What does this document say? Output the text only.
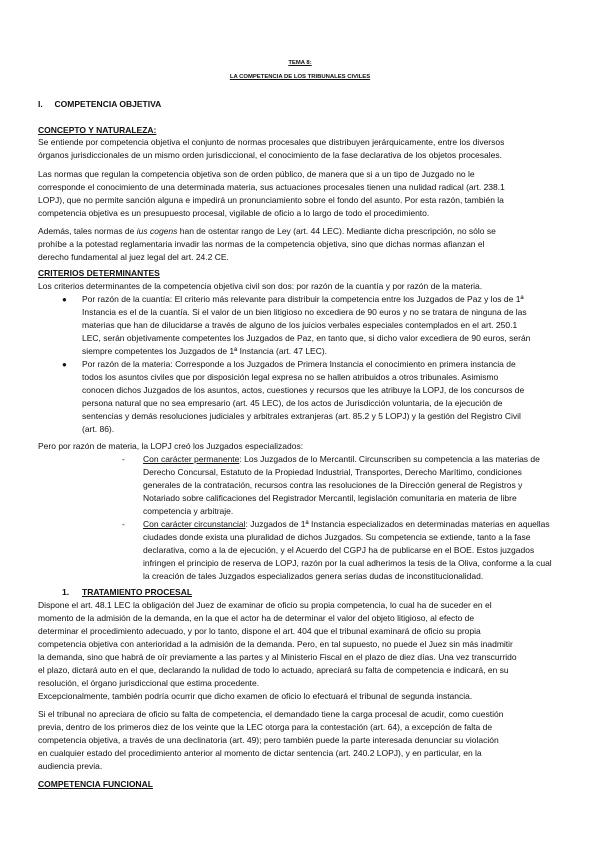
TEMA 8:
LA COMPETENCIA DE LOS TRIBUNALES CIVILES
I.     COMPETENCIA OBJETIVA
CONCEPTO Y NATURALEZA:
Se entiende por competencia objetiva el conjunto de normas procesales que distribuyen jerárquicamente, entre los diversos
órganos jurisdiccionales de un mismo orden jurisdiccional, el conocimiento de la fase declarativa de los objetos procesales.
Las normas que regulan la competencia objetiva son de orden público, de manera que si a un tipo de Juzgado no le
corresponde el conocimiento de una determinada materia, sus actuaciones procesales tienen una nulidad radical (art. 238.1
LOPJ), que no permite sanción alguna e impedirá un pronunciamiento sobre el fondo del asunto. Por esta razón, también la
competencia objetiva es un presupuesto procesal, vigilable de oficio a lo largo de todo el procedimiento.
Además, tales normas de ius cogens han de ostentar rango de Ley (art. 44 LEC). Mediante dicha prescripción, no sólo se
prohíbe a la potestad reglamentaria invadir las normas de la competencia objetiva, sino que dichas normas afianzan el
derecho fundamental al juez legal del art. 24.2 CE.
CRITERIOS DETERMINANTES
Los criterios determinantes de la competencia objetiva civil son dos: por razón de la cuantía y por razón de la materia.
● Por razón de la cuantía: El criterio más relevante para distribuir la competencia entre los Juzgados de Paz y los de 1ª
Instancia es el de la cuantía. Si el valor de un bien litigioso no excediera de 90 euros y no se tratara de ninguna de las
materias que han de dilucidarse a través de alguno de los juicios verbales especiales contemplados en el art. 250.1
LEC, serán objetivamente competentes los Juzgados de Paz, en tanto que, si dicho valor excediera de 90 euros, serán
siempre competentes los Juzgados de 1ª Instancia (art. 47 LEC).
● Por razón de la materia: Corresponde a los Juzgados de Primera Instancia el conocimiento en primera instancia de
todos los asuntos civiles que por disposición legal expresa no se hallen atribuidos a otros tribunales. Asimismo
conocen dichos Juzgados de los asuntos, actos, cuestiones y recursos que les atribuye la LOPJ, de los concursos de
persona natural que no sea empresario (art. 45 LEC), de los actos de Jurisdicción voluntaria, de la ejecución de
sentencias y demás resoluciones judiciales y arbitrales extranjeras (art. 85.2 y 5 LOPJ) y la gestión del Registro Civil
(art. 86).
Pero por razón de materia, la LOPJ creó los Juzgados especializados:
- Con carácter permanente: Los Juzgados de lo Mercantil. Circunscriben su competencia a las materias de
Derecho Concursal, Estatuto de la Propiedad Industrial, Transportes, Derecho Marítimo, condiciones
generales de la contratación, recursos contra las resoluciones de la Dirección general de Registros y
Notariado sobre calificaciones del Registrador Mercantil, legislación comunitaria en materia de libre
competencia y arbitraje.
- Con carácter circunstancial: Juzgados de 1ª Instancia especializados en determinadas materias en aquellas
ciudades donde exista una pluralidad de dichos Juzgados. Su competencia se extiende, tanto a la fase
declarativa, como a la de ejecución, y el Acuerdo del CGPJ ha de publicarse en el BOE. Estos juzgados
infringen el principio de reserva de LOPJ, razón por la cual adherimos la tesis de la Oliva, conforme a la cual
la creación de tales Juzgados especializados genera serias dudas de inconstitucionalidad.
1. TRATAMIENTO PROCESAL
Dispone el art. 48.1 LEC la obligación del Juez de examinar de oficio su propia competencia, lo cual ha de suceder en el
momento de la admisión de la demanda, en la que el actor ha de determinar el valor del objeto litigioso, al efecto de
determinar el procedimiento adecuado, y por lo tanto, dispone el art. 404 que el tribunal examinará de oficio su propia
competencia objetiva con anterioridad a la admisión de la demanda. Pero, en tal supuesto, no puede el Juez sin más inadmitir
la demanda, sino que habrá de oír previamente a las partes y al Ministerio Fiscal en el plazo de diez días. Una vez transcurrido
el plazo, dictará auto en el que, declarando la nulidad de todo lo actuado, apreciará su falta de competencia e indicará, en su
resolución, el órgano jurisdiccional que estima procedente.
Excepcionalmente, también podría ocurrir que dicho examen de oficio lo efectuará el tribunal de segunda instancia.
Si el tribunal no apreciara de oficio su falta de competencia, el demandado tiene la carga procesal de acudir, como cuestión
previa, dentro de los primeros diez de los veinte que la LEC otorga para la contestación (art. 64), a excepción de falta de
competencia objetiva, a través de una declinatoria (art. 49); pero también puede la parte interesada denunciar su violación
en cualquier estado del procedimiento anterior al momento de dictar sentencia (art. 240.2 LOPJ), y en particular, en la
audiencia previa.
COMPETENCIA FUNCIONAL
